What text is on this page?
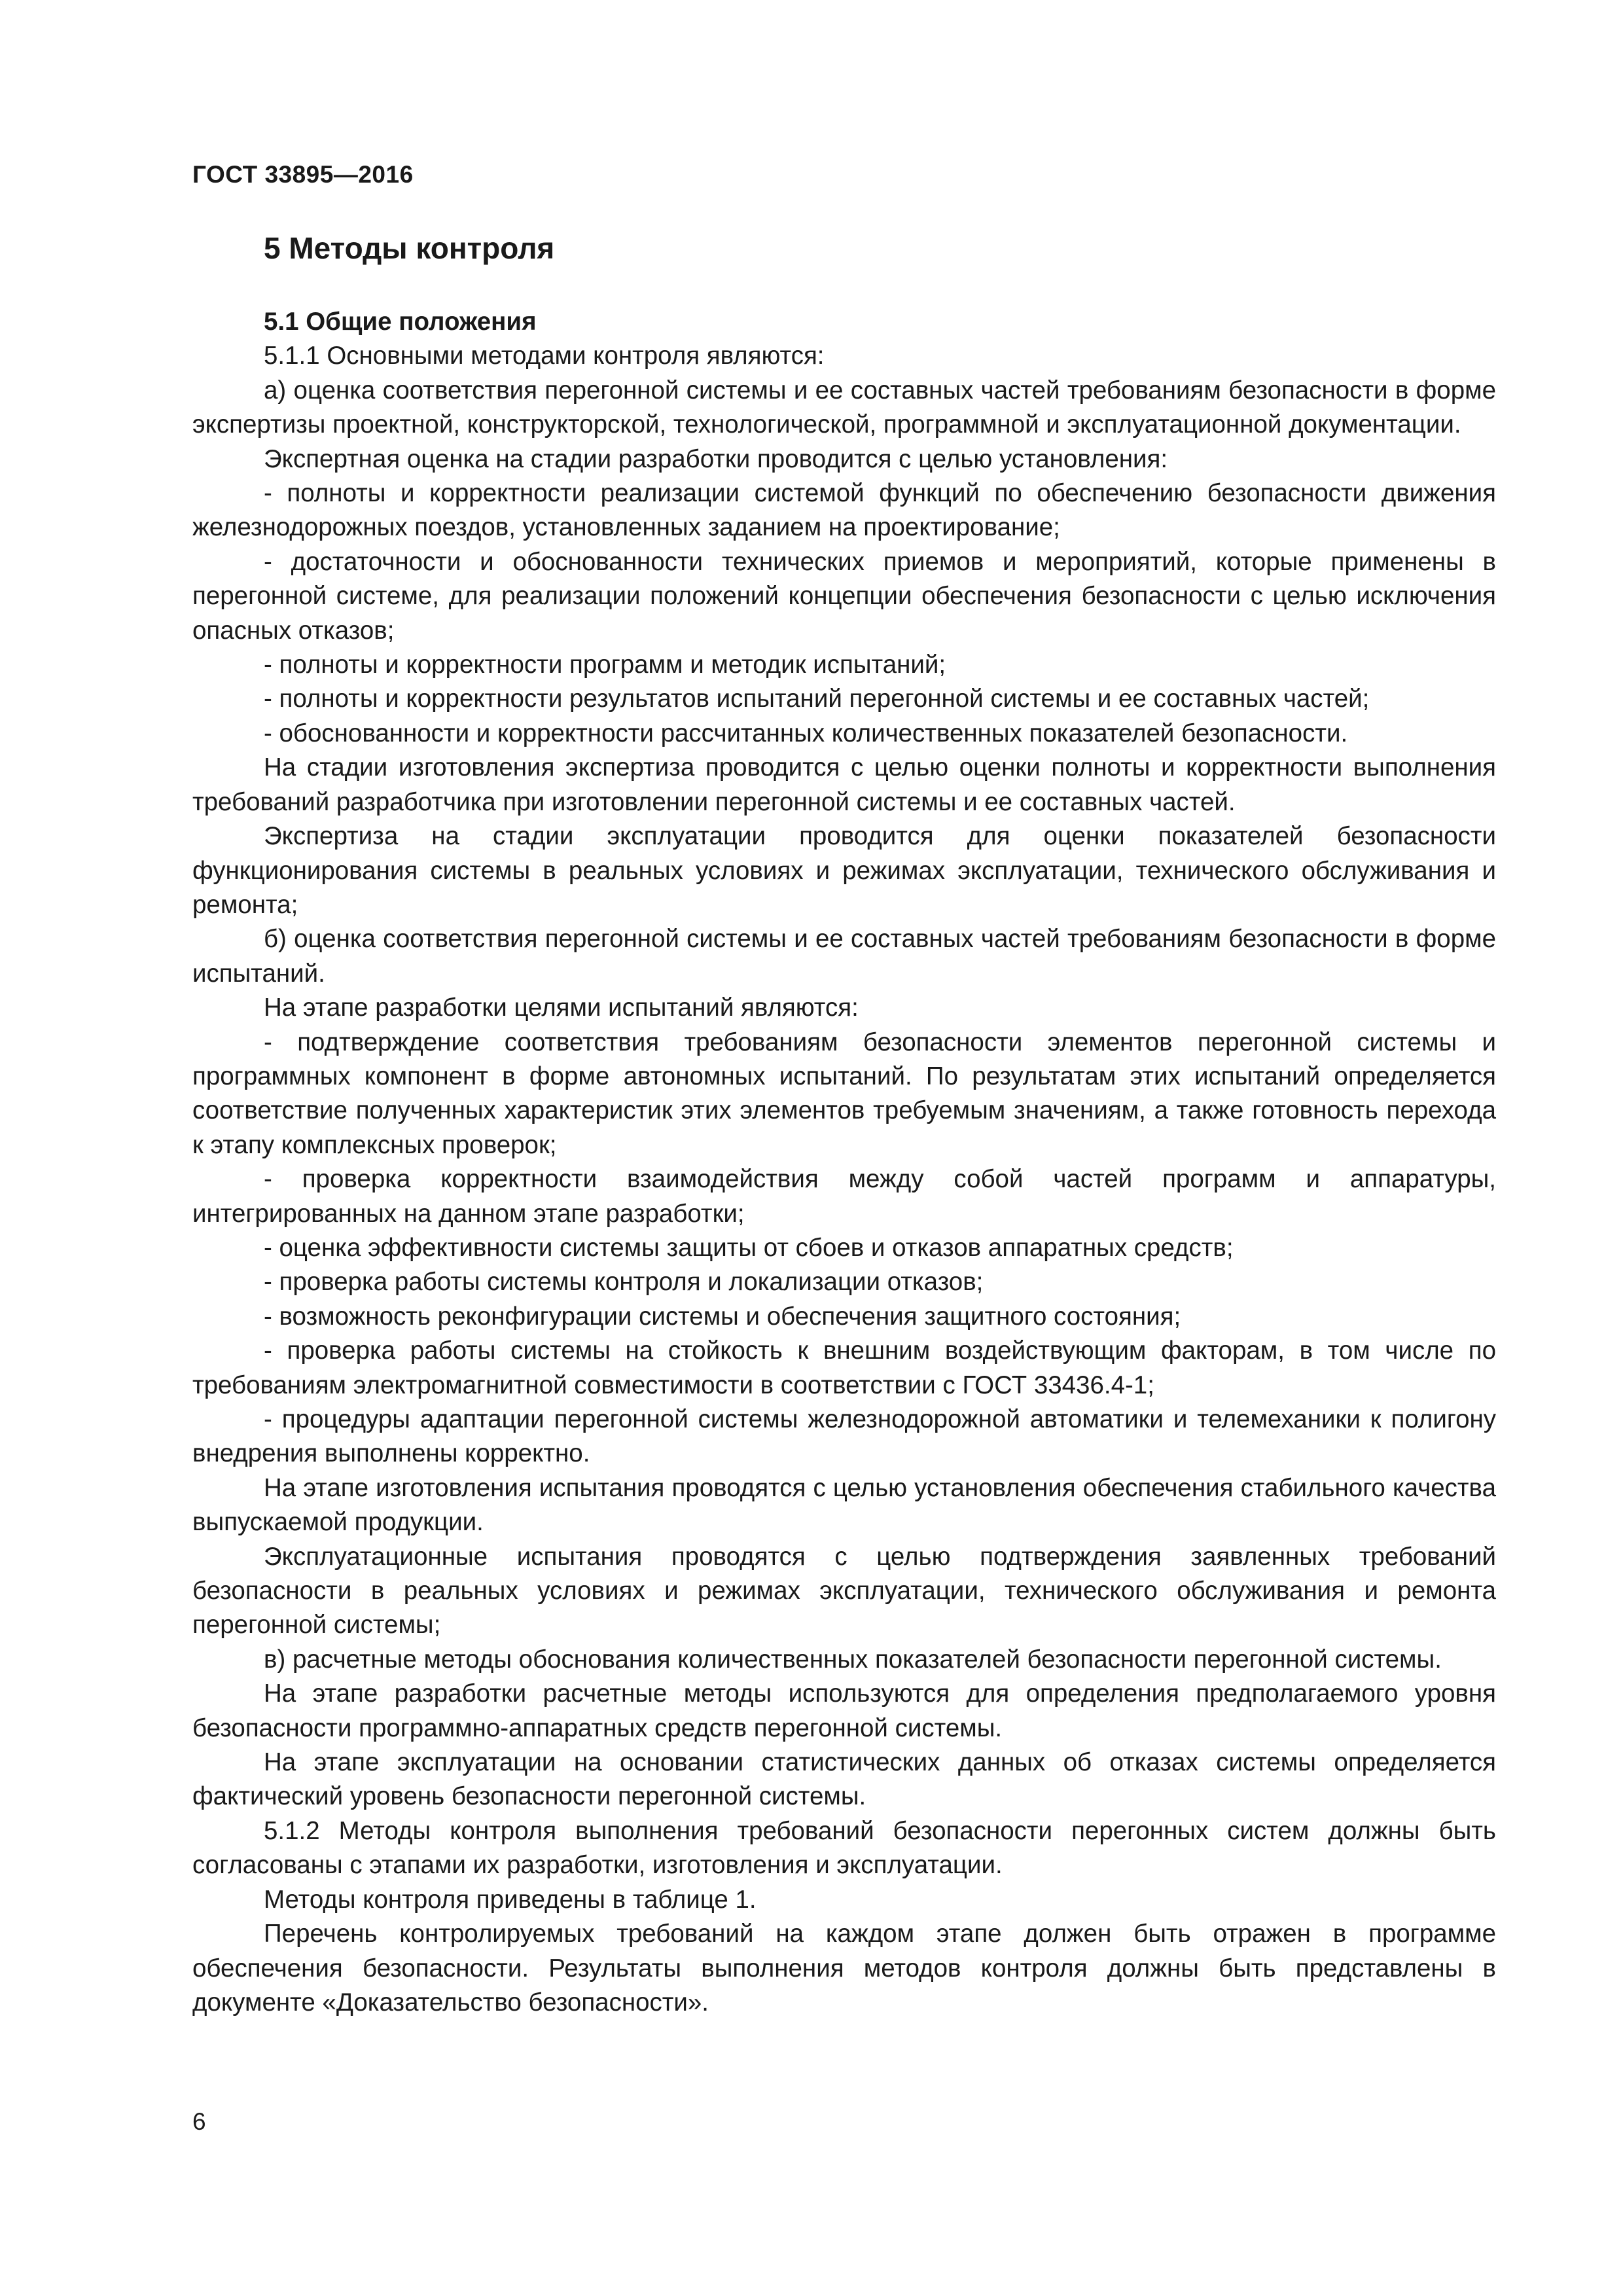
ГОСТ 33895—2016
5 Методы контроля

5.1 Общие положения

5.1.1 Основными методами контроля являются:

а) оценка соответствия перегонной системы и ее составных частей требованиям безопасности в форме экспертизы проектной, конструкторской, технологической, программной и эксплуатационной документации.

Экспертная оценка на стадии разработки проводится с целью установления:

- полноты и корректности реализации системой функций по обеспечению безопасности движения железнодорожных поездов, установленных заданием на проектирование;

- достаточности и обоснованности технических приемов и мероприятий, которые применены в перегонной системе, для реализации положений концепции обеспечения безопасности с целью исключения опасных отказов;

- полноты и корректности программ и методик испытаний;

- полноты и корректности результатов испытаний перегонной системы и ее составных частей;

- обоснованности и корректности рассчитанных количественных показателей безопасности.

На стадии изготовления экспертиза проводится с целью оценки полноты и корректности выполнения требований разработчика при изготовлении перегонной системы и ее составных частей.

Экспертиза на стадии эксплуатации проводится для оценки показателей безопасности функционирования системы в реальных условиях и режимах эксплуатации, технического обслуживания и ремонта;

б) оценка соответствия перегонной системы и ее составных частей требованиям безопасности в форме испытаний.

На этапе разработки целями испытаний являются:

- подтверждение соответствия требованиям безопасности элементов перегонной системы и программных компонент в форме автономных испытаний. По результатам этих испытаний определяется соответствие полученных характеристик этих элементов требуемым значениям, а также готовность перехода к этапу комплексных проверок;

- проверка корректности взаимодействия между собой частей программ и аппаратуры, интегрированных на данном этапе разработки;

- оценка эффективности системы защиты от сбоев и отказов аппаратных средств;

- проверка работы системы контроля и локализации отказов;

- возможность реконфигурации системы и обеспечения защитного состояния;

- проверка работы системы на стойкость к внешним воздействующим факторам, в том числе по требованиям электромагнитной совместимости в соответствии с ГОСТ 33436.4-1;

- процедуры адаптации перегонной системы железнодорожной автоматики и телемеханики к полигону внедрения выполнены корректно.

На этапе изготовления испытания проводятся с целью установления обеспечения стабильного качества выпускаемой продукции.

Эксплуатационные испытания проводятся с целью подтверждения заявленных требований безопасности в реальных условиях и режимах эксплуатации, технического обслуживания и ремонта перегонной системы;

в) расчетные методы обоснования количественных показателей безопасности перегонной системы.

На этапе разработки расчетные методы используются для определения предполагаемого уровня безопасности программно-аппаратных средств перегонной системы.

На этапе эксплуатации на основании статистических данных об отказах системы определяется фактический уровень безопасности перегонной системы.

5.1.2 Методы контроля выполнения требований безопасности перегонных систем должны быть согласованы с этапами их разработки, изготовления и эксплуатации.

Методы контроля приведены в таблице 1.

Перечень контролируемых требований на каждом этапе должен быть отражен в программе обеспечения безопасности. Результаты выполнения методов контроля должны быть представлены в документе «Доказательство безопасности».

6
